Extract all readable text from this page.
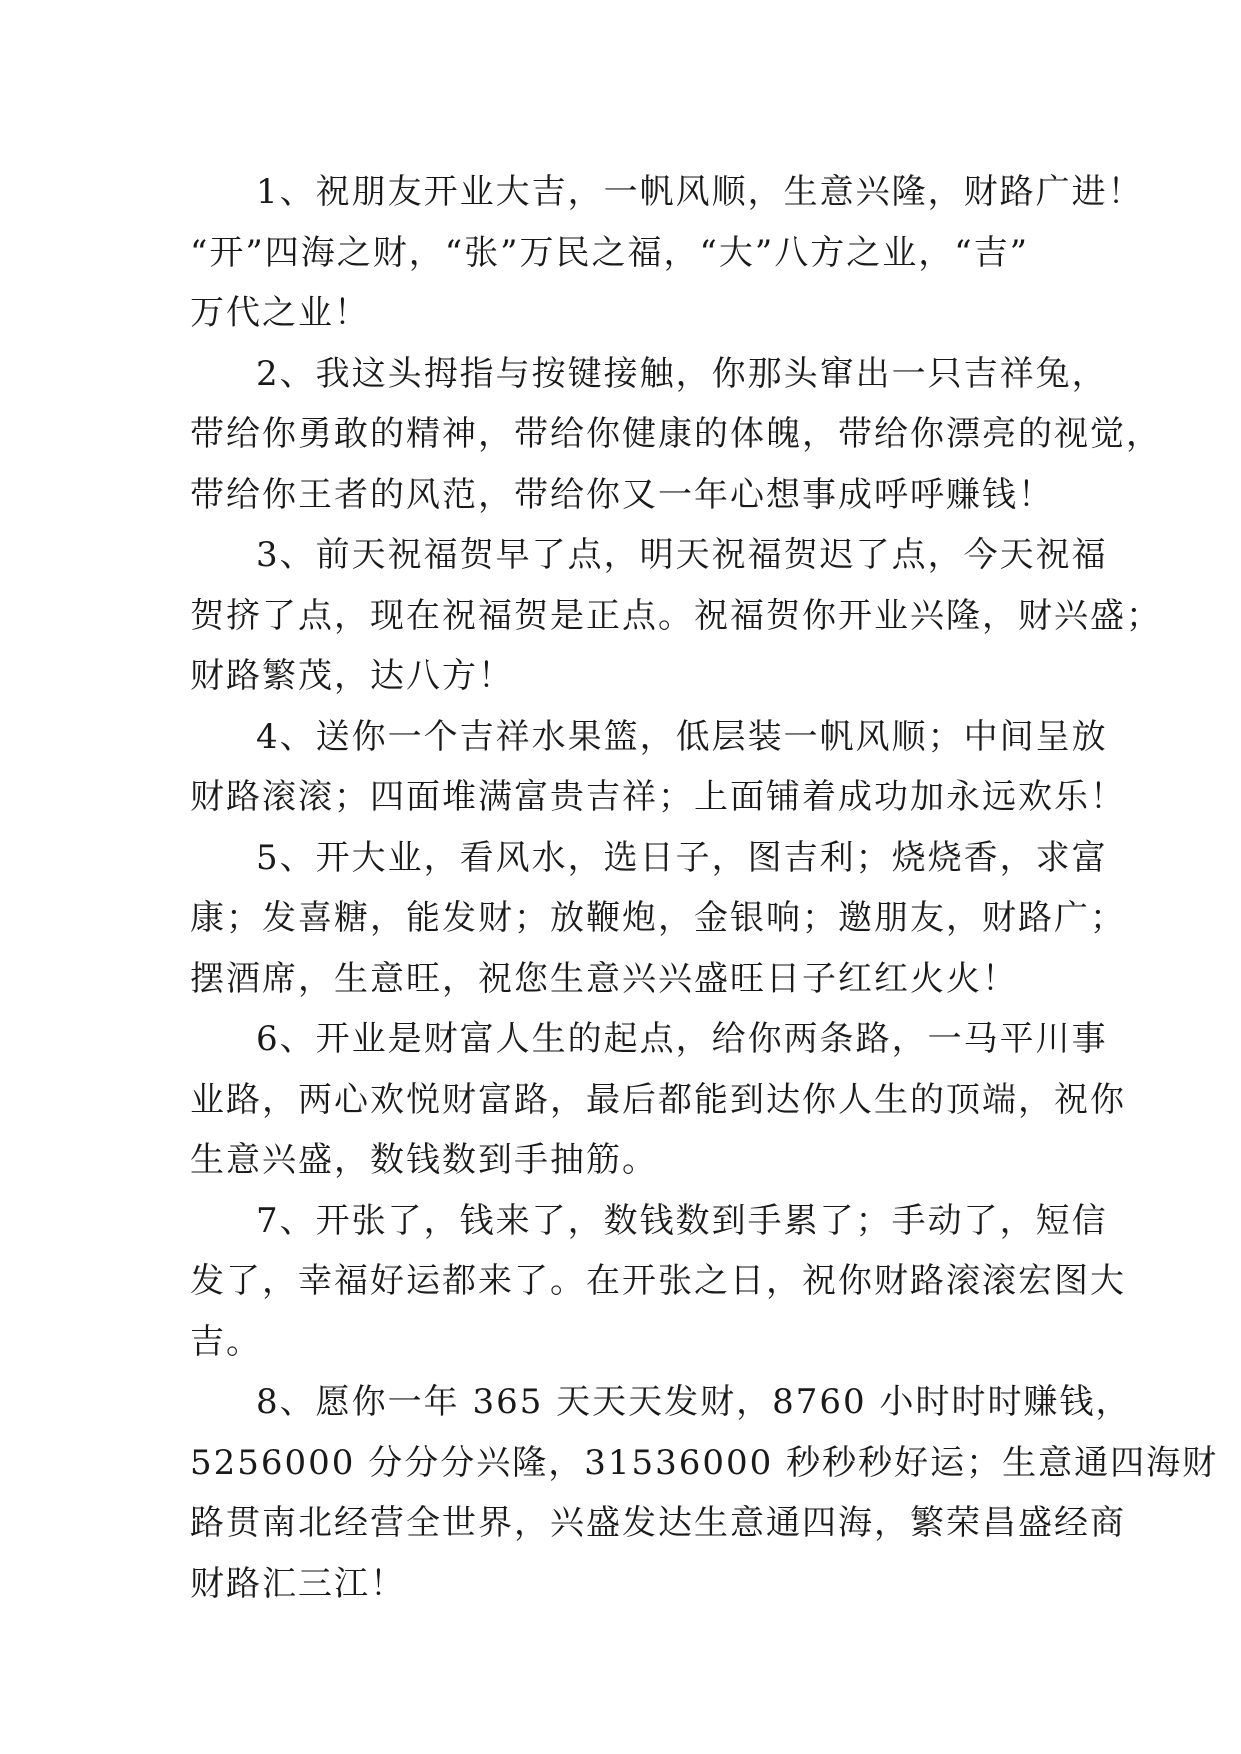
1、祝朋友开业大吉，一帆风顺，生意兴隆，财路广进！
“开”四海之财，“张”万民之福，“大”八方之业，“吉”
万代之业！

2、我这头拇指与按键接触，你那头窜出一只吉祥兔，
带给你勇敢的精神，带给你健康的体魄，带给你漂亮的视觉，
带给你王者的风范，带给你又一年心想事成呼呼赚钱！

3、前天祝福贺早了点，明天祝福贺迟了点，今天祝福
贺挤了点，现在祝福贺是正点。祝福贺你开业兴隆，财兴盛；
财路繁茂，达八方！

4、送你一个吉祥水果篮，低层装一帆风顺；中间呈放
财路滚滚；四面堆满富贵吉祥；上面铺着成功加永远欢乐！

5、开大业，看风水，选日子，图吉利；烧烧香，求富
康；发喜糖，能发财；放鞭炮，金银响；邀朋友，财路广；
摆酒席，生意旺，祝您生意兴兴盛旺日子红红火火！

6、开业是财富人生的起点，给你两条路，一马平川事
业路，两心欢悦财富路，最后都能到达你人生的顶端，祝你
生意兴盛，数钱数到手抽筋。

7、开张了，钱来了，数钱数到手累了；手动了，短信
发了，幸福好运都来了。在开张之日，祝你财路滚滚宏图大
吉。

8、愿你一年 365 天天天发财，8760 小时时时赚钱，
5256000 分分分兴隆，31536000 秒秒秒好运；生意通四海财
路贯南北经营全世界，兴盛发达生意通四海，繁荣昌盛经商
财路汇三江！
